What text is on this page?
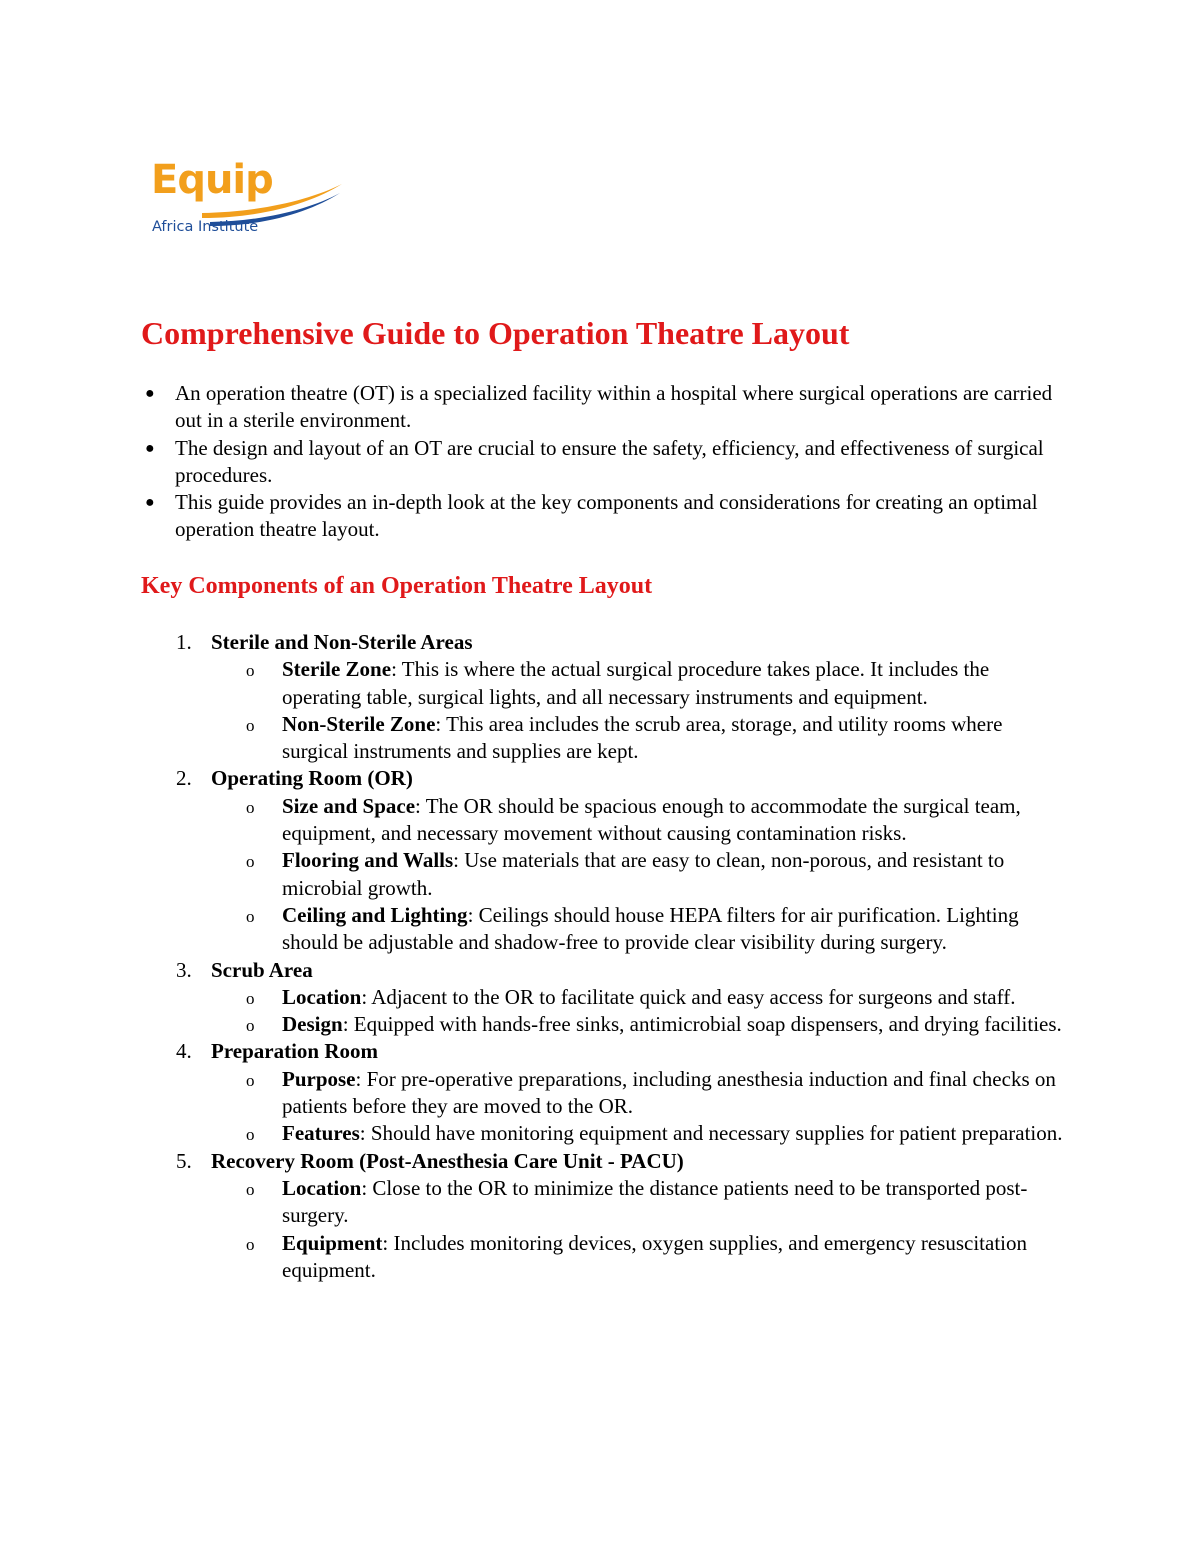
Equip
Africa Institute
Comprehensive Guide to Operation Theatre Layout
● An operation theatre (OT) is a specialized facility within a hospital where surgical operations are carried out in a sterile environment.
● The design and layout of an OT are crucial to ensure the safety, efficiency, and effectiveness of surgical procedures.
● This guide provides an in-depth look at the key components and considerations for creating an optimal operation theatre layout.
Key Components of an Operation Theatre Layout
1. Sterile and Non-Sterile Areas
o Sterile Zone: This is where the actual surgical procedure takes place. It includes the operating table, surgical lights, and all necessary instruments and equipment.
o Non-Sterile Zone: This area includes the scrub area, storage, and utility rooms where surgical instruments and supplies are kept.
2. Operating Room (OR)
o Size and Space: The OR should be spacious enough to accommodate the surgical team, equipment, and necessary movement without causing contamination risks.
o Flooring and Walls: Use materials that are easy to clean, non-porous, and resistant to microbial growth.
o Ceiling and Lighting: Ceilings should house HEPA filters for air purification. Lighting should be adjustable and shadow-free to provide clear visibility during surgery.
3. Scrub Area
o Location: Adjacent to the OR to facilitate quick and easy access for surgeons and staff.
o Design: Equipped with hands-free sinks, antimicrobial soap dispensers, and drying facilities.
4. Preparation Room
o Purpose: For pre-operative preparations, including anesthesia induction and final checks on patients before they are moved to the OR.
o Features: Should have monitoring equipment and necessary supplies for patient preparation.
5. Recovery Room (Post-Anesthesia Care Unit - PACU)
o Location: Close to the OR to minimize the distance patients need to be transported post-surgery.
o Equipment: Includes monitoring devices, oxygen supplies, and emergency resuscitation equipment.
